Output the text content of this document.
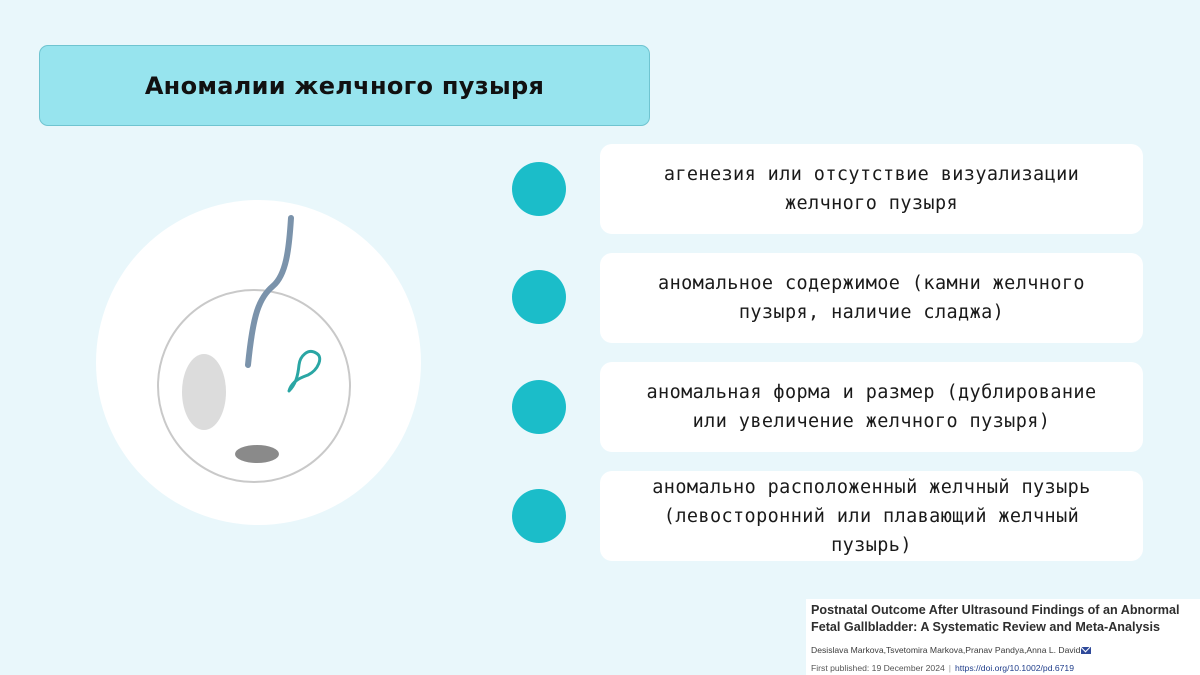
Аномалии желчного пузыря
агенезия или отсутствие визуализации
желчного пузыря
аномальное содержимое (камни желчного
пузыря, наличие сладжа)
аномальная форма и размер (дублирование
или увеличение желчного пузыря)
аномально расположенный желчный пузырь
(левосторонний или плавающий желчный
пузырь)
Postnatal Outcome After Ultrasound Findings of an Abnormal
Fetal Gallbladder: A Systematic Review and Meta-Analysis
Desislava Markova,Tsvetomira Markova,Pranav Pandya,Anna L. David
First published: 19 December 2024 | https://doi.org/10.1002/pd.6719
